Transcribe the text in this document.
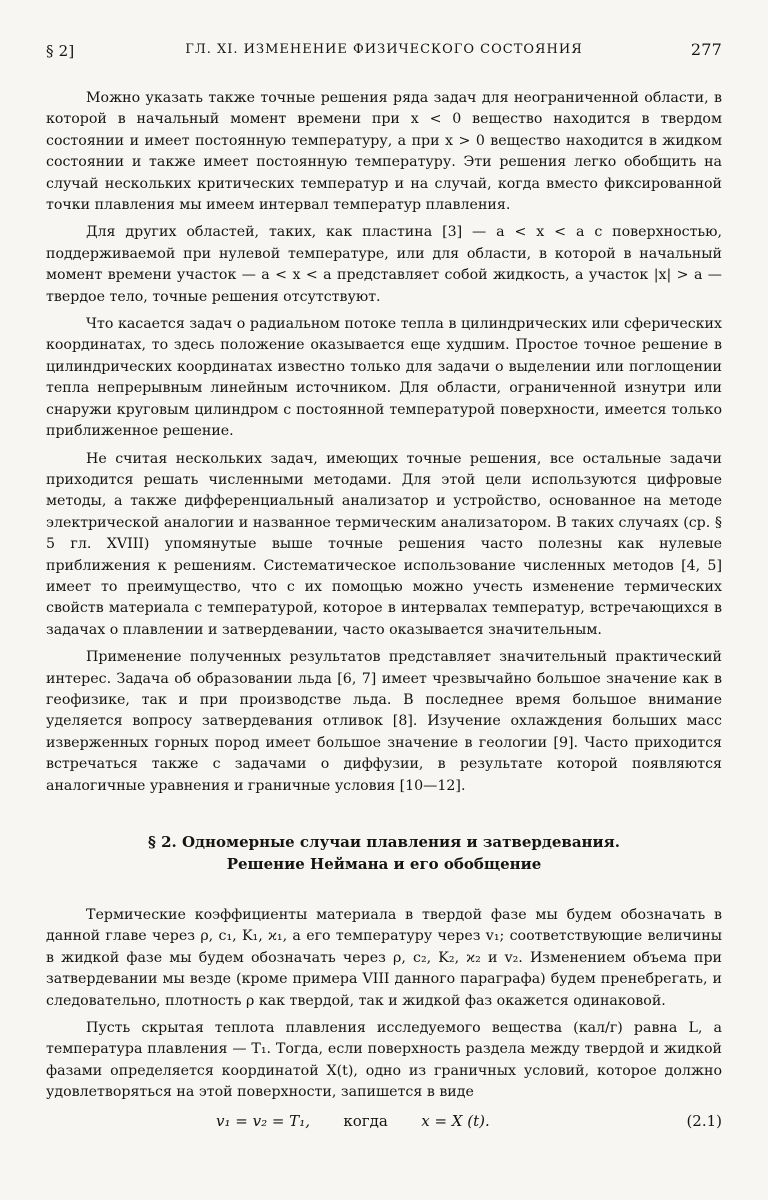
§ 2]	ГЛ. XI. ИЗМЕНЕНИЕ ФИЗИЧЕСКОГО СОСТОЯНИЯ	277

Можно указать также точные решения ряда задач для неограниченной области, в которой в начальный момент времени при x < 0 вещество находится в твердом состоянии и имеет постоянную температуру, а при x > 0 вещество находится в жидком состоянии и также имеет постоянную температуру. Эти решения легко обобщить на случай нескольких критических температур и на случай, когда вместо фиксированной точки плавления мы имеем интервал температур плавления.

Для других областей, таких, как пластина [3] — a < x < a с поверхностью, поддерживаемой при нулевой температуре, или для области, в которой в начальный момент времени участок — a < x < a представляет собой жидкость, а участок |x| > a — твердое тело, точные решения отсутствуют.

Что касается задач о радиальном потоке тепла в цилиндрических или сферических координатах, то здесь положение оказывается еще худшим. Простое точное решение в цилиндрических координатах известно только для задачи о выделении или поглощении тепла непрерывным линейным источником. Для области, ограниченной изнутри или снаружи круговым цилиндром с постоянной температурой поверхности, имеется только приближенное решение.

Не считая нескольких задач, имеющих точные решения, все остальные задачи приходится решать численными методами. Для этой цели используются цифровые методы, а также дифференциальный анализатор и устройство, основанное на методе электрической аналогии и названное термическим анализатором. В таких случаях (ср. § 5 гл. XVIII) упомянутые выше точные решения часто полезны как нулевые приближения к решениям. Систематическое использование численных методов [4, 5] имеет то преимущество, что с их помощью можно учесть изменение термических свойств материала с температурой, которое в интервалах температур, встречающихся в задачах о плавлении и затвердевании, часто оказывается значительным.

Применение полученных результатов представляет значительный практический интерес. Задача об образовании льда [6, 7] имеет чрезвычайно большое значение как в геофизике, так и при производстве льда. В последнее время большое внимание уделяется вопросу затвердевания отливок [8]. Изучение охлаждения больших масс изверженных горных пород имеет большое значение в геологии [9]. Часто приходится встречаться также с задачами о диффузии, в результате которой появляются аналогичные уравнения и граничные условия [10—12].

§ 2. Одномерные случаи плавления и затвердевания.
Решение Неймана и его обобщение

Термические коэффициенты материала в твердой фазе мы будем обозначать в данной главе через ρ, c₁, K₁, ϰ₁, а его температуру через v₁; соответствующие величины в жидкой фазе мы будем обозначать через ρ, c₂, K₂, ϰ₂ и v₂. Изменением объема при затвердевании мы везде (кроме примера VIII данного параграфа) будем пренебрегать, и следовательно, плотность ρ как твердой, так и жидкой фаз окажется одинаковой.

Пусть скрытая теплота плавления исследуемого вещества (кал/г) равна L, а температура плавления — T₁. Тогда, если поверхность раздела между твердой и жидкой фазами определяется координатой X(t), одно из граничных условий, которое должно удовлетворяться на этой поверхности, запишется в виде

v₁ = v₂ = T₁, когда x = X (t).	(2.1)
